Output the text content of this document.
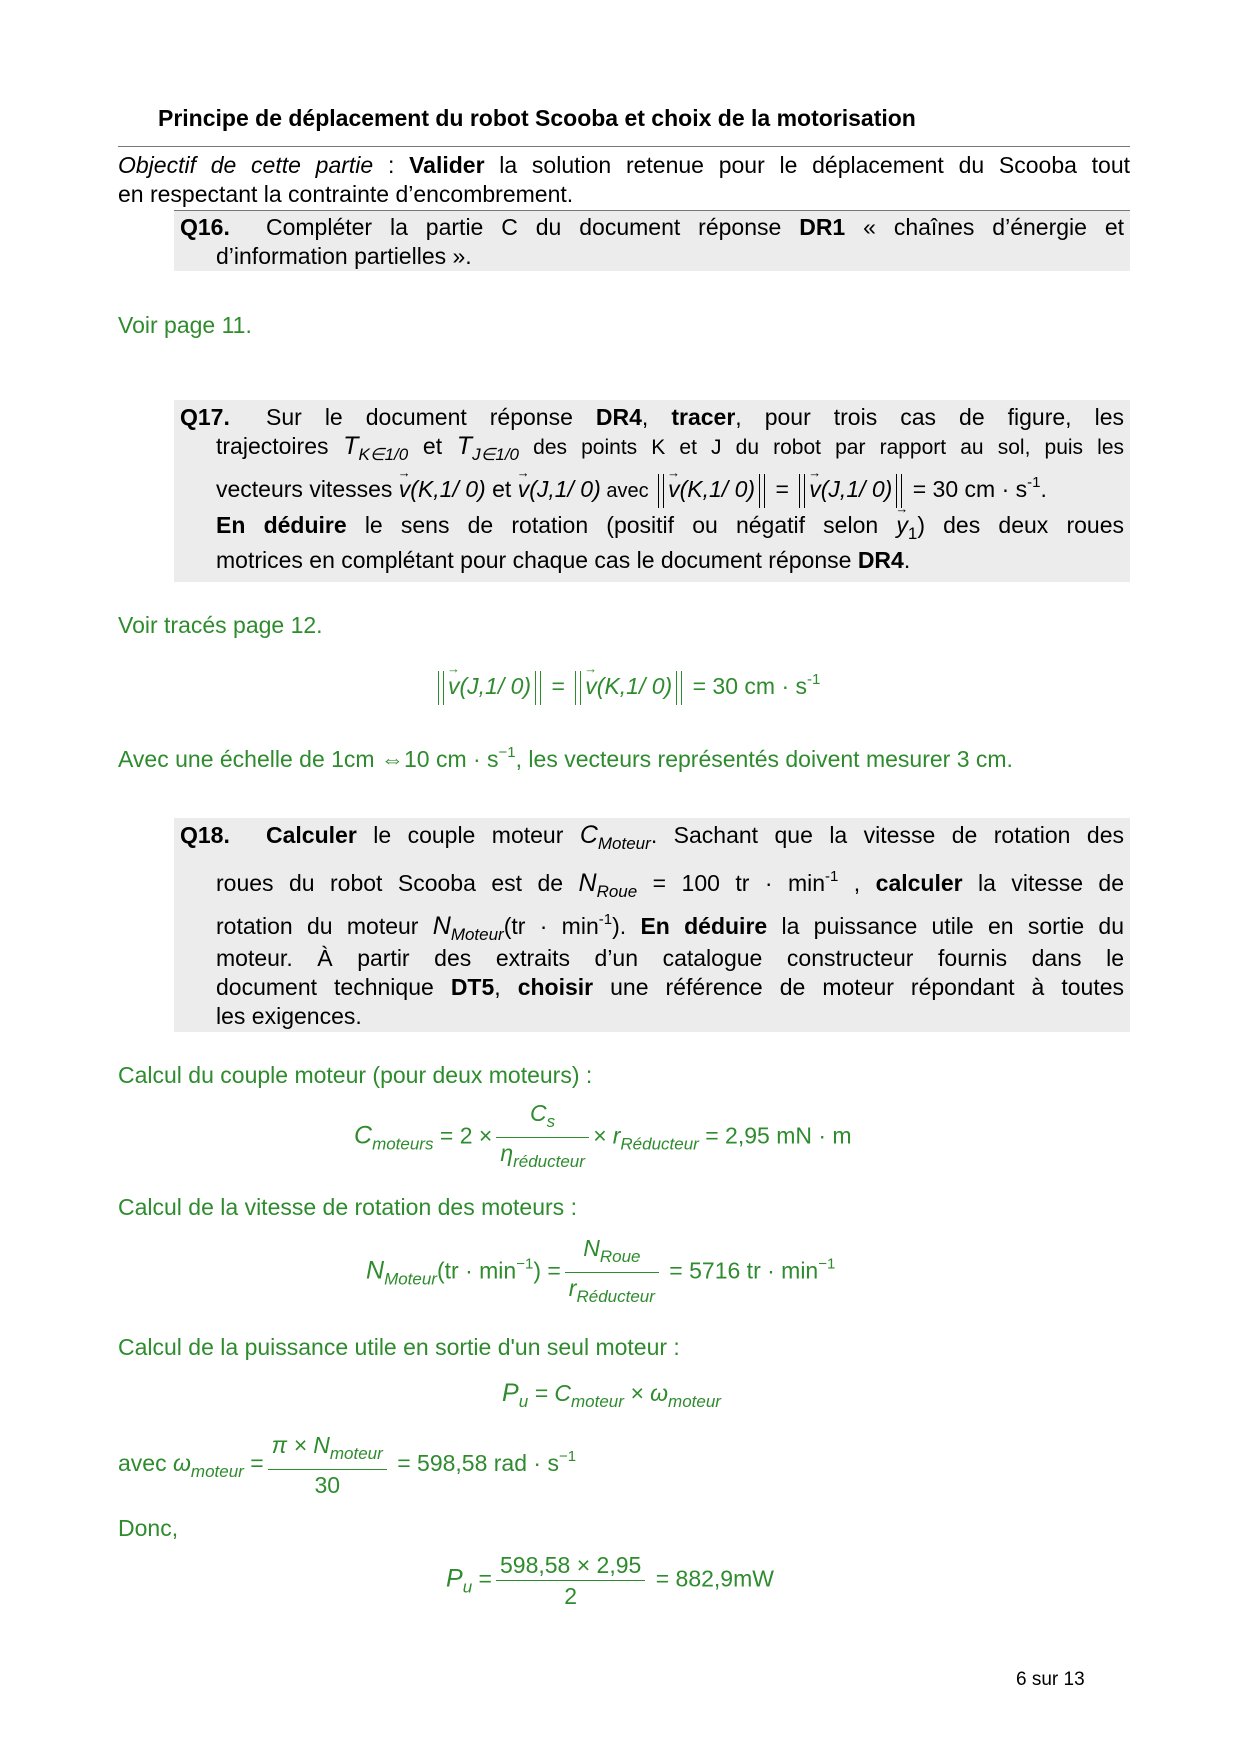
Principe de déplacement du robot Scooba et choix de la motorisation
Objectif de cette partie : Valider la solution retenue pour le déplacement du Scooba tout
en respectant la contrainte d’encombrement.
Q16. Compléter la partie C du document réponse DR1 « chaînes d’énergie et
d’information partielles ».
Voir page 11.
Q17. Sur le document réponse DR4, tracer, pour trois cas de figure, les
trajectoires $T_{K\in 1/0}$ et $T_{J\in 1/0}$ des points K et J du robot par rapport au sol, puis les
vecteurs vitesses → v(K,1/ 0) et → v(J,1/ 0) avec → v(K,1/ 0) = → v(J,1/ 0) = 30 cm · $s^{-1}$.
En déduire le sens de rotation (positif ou négatif selon → $y_1$) des deux roues
motrices en complétant pour chaque cas le document réponse DR4.
Voir tracés page 12.
→ v(J,1/ 0) = → v(K,1/ 0) = 30 cm · $s^{-1}$
Avec une échelle de 1cm ⇔10 cm · $s^{-1}$, les vecteurs représentés doivent mesurer 3 cm.
Q18. Calculer le couple moteur $C_{Moteur}$. Sachant que la vitesse de rotation des
roues du robot Scooba est de $N_{Roue} = 100$ tr · $\min^{-1}$ , calculer la vitesse de
rotation du moteur $N_{Moteur}(tr \cdot \min^{-1})$. En déduire la puissance utile en sortie du
moteur. À partir des extraits d’un catalogue constructeur fournis dans le
document technique DT5, choisir une référence de moteur répondant à toutes
les exigences.
Calcul du couple moteur (pour deux moteurs) :
$C_{moteurs} = 2 \times \frac{C_s}{\eta_{réducteur}} \times r_{Réducteur} = 2,95$ mN · m
Calcul de la vitesse de rotation des moteurs :
$N_{Moteur}(tr \cdot \min^{-1}) = \frac{N_{Roue}}{r_{Réducteur}} = 5716$ tr · $\min^{-1}$
Calcul de la puissance utile en sortie d'un seul moteur :
$P_u = C_{moteur} \times \omega_{moteur}$
avec $\omega_{moteur} = \frac{\pi \times N_{moteur}}{30} = 598,58$ rad · $s^{-1}$
Donc,
$P_u = \frac{598,58 \times 2,95}{2} = 882,9mW$
6 sur 13
